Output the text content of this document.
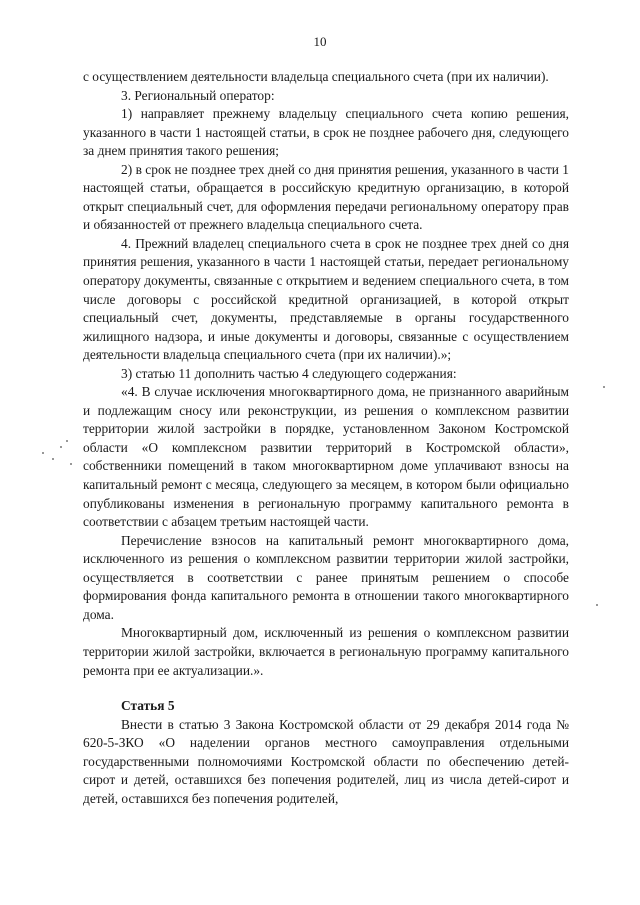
10

с осуществлением деятельности владельца специального счета (при их наличии).

3. Региональный оператор:

1) направляет прежнему владельцу специального счета копию решения, указанного в части 1 настоящей статьи, в срок не позднее рабочего дня, следующего за днем принятия такого решения;

2) в срок не позднее трех дней со дня принятия решения, указанного в части 1 настоящей статьи, обращается в российскую кредитную организацию, в которой открыт специальный счет, для оформления передачи региональному оператору прав и обязанностей от прежнего владельца специального счета.

4. Прежний владелец специального счета в срок не позднее трех дней со дня принятия решения, указанного в части 1 настоящей статьи, передает региональному оператору документы, связанные с открытием и ведением специального счета, в том числе договоры с российской кредитной организацией, в которой открыт специальный счет, документы, представляемые в органы государственного жилищного надзора, и иные документы и договоры, связанные с осуществлением деятельности владельца специального счета (при их наличии).»;

3) статью 11 дополнить частью 4 следующего содержания:

«4. В случае исключения многоквартирного дома, не признанного аварийным и подлежащим сносу или реконструкции, из решения о комплексном развитии территории жилой застройки в порядке, установленном Законом Костромской области «О комплексном развитии территорий в Костромской области», собственники помещений в таком многоквартирном доме уплачивают взносы на капитальный ремонт с месяца, следующего за месяцем, в котором были официально опубликованы изменения в региональную программу капитального ремонта в соответствии с абзацем третьим настоящей части.

Перечисление взносов на капитальный ремонт многоквартирного дома, исключенного из решения о комплексном развитии территории жилой застройки, осуществляется в соответствии с ранее принятым решением о способе формирования фонда капитального ремонта в отношении такого многоквартирного дома.

Многоквартирный дом, исключенный из решения о комплексном развитии территории жилой застройки, включается в региональную программу капитального ремонта при ее актуализации.».

Статья 5

Внести в статью 3 Закона Костромской области от 29 декабря 2014 года № 620-5-ЗКО «О наделении органов местного самоуправления отдельными государственными полномочиями Костромской области по обеспечению детей-сирот и детей, оставшихся без попечения родителей, лиц из числа детей-сирот и детей, оставшихся без попечения родителей,
